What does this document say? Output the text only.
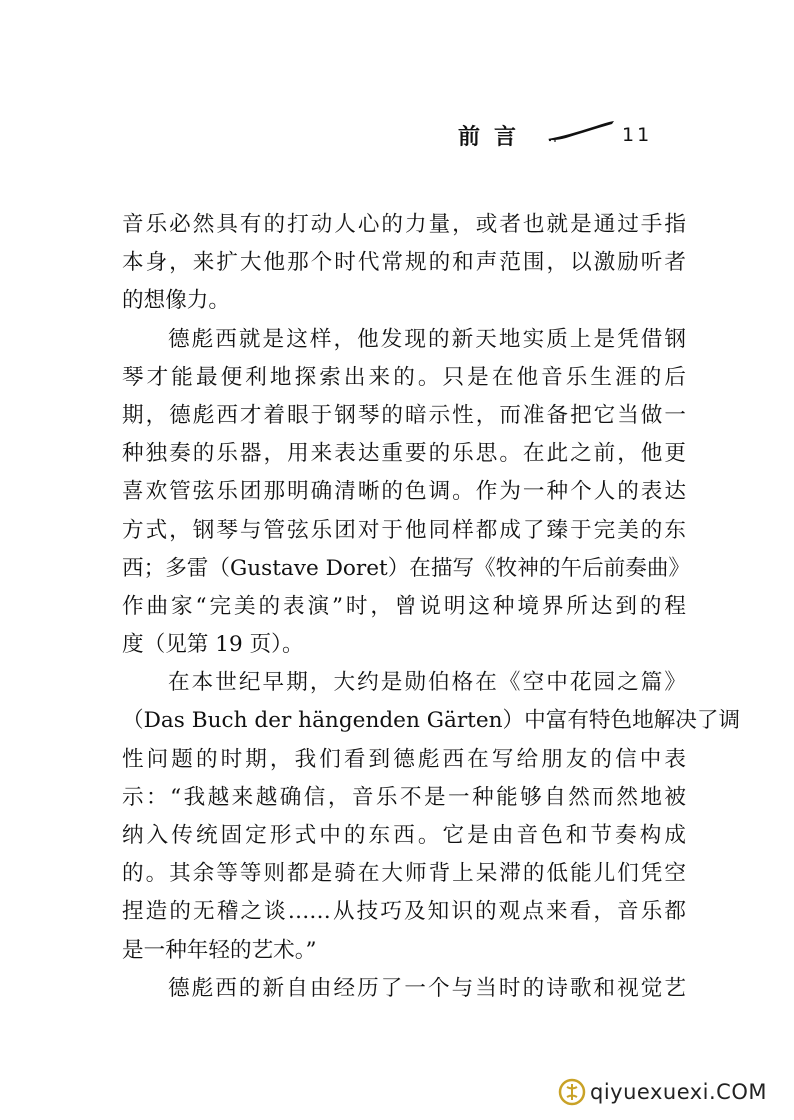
前言	11
音乐必然具有的打动人心的力量，或者也就是通过手指
本身，来扩大他那个时代常规的和声范围，以激励听者
的想像力。
德彪西就是这样，他发现的新天地实质上是凭借钢
琴才能最便利地探索出来的。只是在他音乐生涯的后
期，德彪西才着眼于钢琴的暗示性，而准备把它当做一
种独奏的乐器，用来表达重要的乐思。在此之前，他更
喜欢管弦乐团那明确清晰的色调。作为一种个人的表达
方式，钢琴与管弦乐团对于他同样都成了臻于完美的东
西；多雷（Gustave Doret）在描写《牧神的午后前奏曲》
作曲家“完美的表演”时，曾说明这种境界所达到的程
度（见第 19 页）。
在本世纪早期，大约是勋伯格在《空中花园之篇》
（Das Buch der hängenden Gärten）中富有特色地解决了调
性问题的时期，我们看到德彪西在写给朋友的信中表
示：“我越来越确信，音乐不是一种能够自然而然地被
纳入传统固定形式中的东西。它是由音色和节奏构成
的。其余等等则都是骑在大师背上呆滞的低能儿们凭空
捏造的无稽之谈……从技巧及知识的观点来看，音乐都
是一种年轻的艺术。”
德彪西的新自由经历了一个与当时的诗歌和视觉艺
qiyuexuexi.COM
